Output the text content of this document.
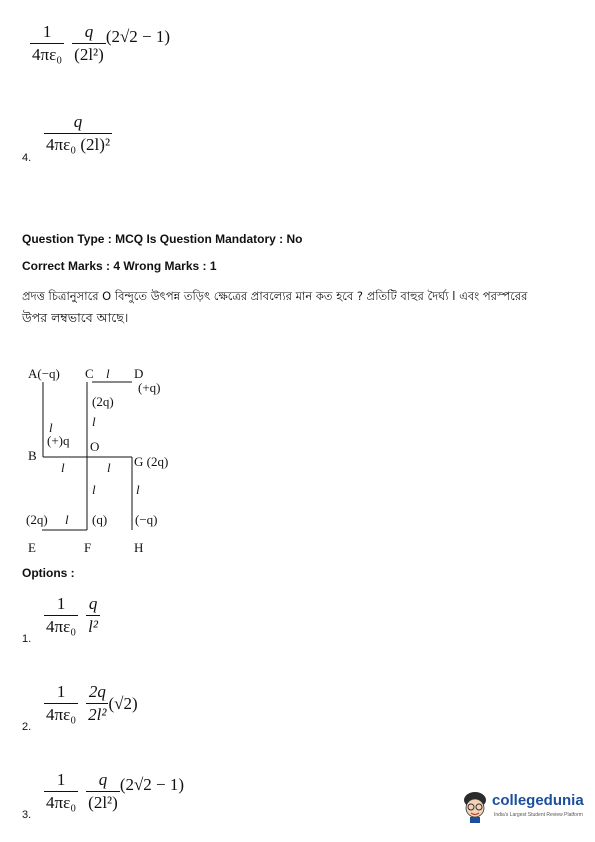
$\frac{1}{\text{4πε₀}} \frac{q}{\text{(2l²)}} (2√2 - 1)$
$\frac{q}{\text{4πε₀ (2l)²}}$
4.
Question Type : MCQ Is Question Mandatory : No
Correct Marks : 4 Wrong Marks : 1
প্রদত্ত চিত্রানুসারে O বিন্দুতে উৎপন্ন তড়িৎ ক্ষেত্রের প্রাবল্যের মান কত হবে ? প্রতিটি বাহুর দৈর্ঘ্য l এবং পরস্পরের
উপর লম্বভাবে আছে।
A(−q) C l D
(+q)
(2q)
l
l
(+)q O
B	G (2q)
l	l
l	l
(2q) l (q) (−q)
E	F	H
Options :
$\frac{1}{\text{4πε₀}} \frac{q}{\text{l²}}$
1.
$\frac{1}{\text{4πε₀}} \frac{2q}{\text{2l²}} (√2)$
2.
$\frac{1}{\text{4πε₀}} \frac{q}{\text{(2l²)}} (2√2 - 1)$
3.
collegedunia
India's Largest Student Review Platform
